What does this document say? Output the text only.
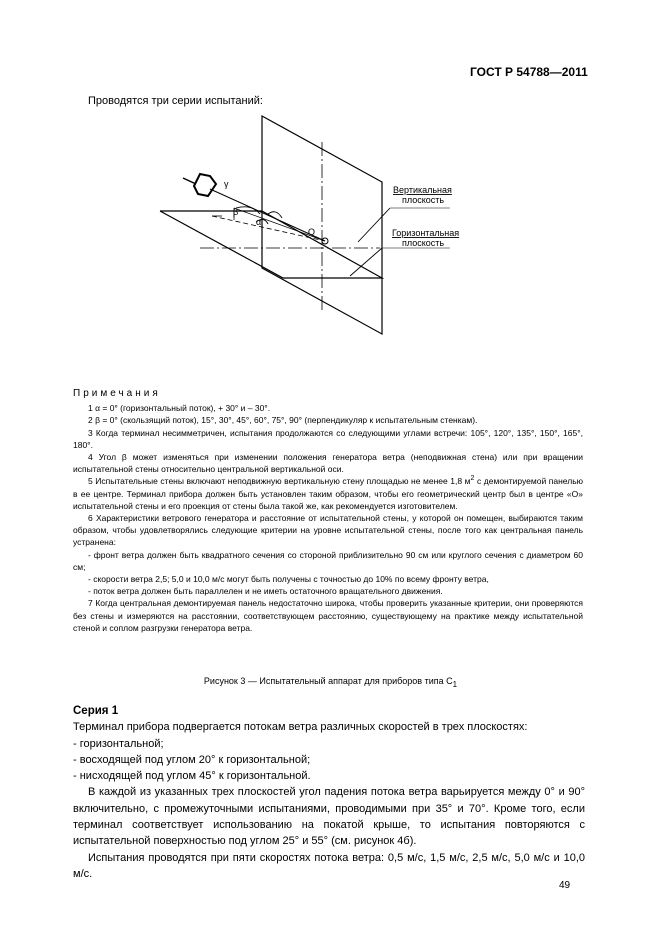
ГОСТ Р 54788—2011
Проводятся три серии испытаний:
γ
β
α
O
Вертикальная
плоскость
Горизонтальная
плоскость
Примечания

1 α = 0° (горизонтальный поток), + 30° и – 30°.

2 β = 0° (скользящий поток), 15°, 30°, 45°, 60°, 75°, 90° (перпендикуляр к испытательным стенкам).

3 Когда терминал несимметричен, испытания продолжаются со следующими углами встречи: 105°, 120°, 135°, 150°, 165°, 180°.

4 Угол β может изменяться при изменении положения генератора ветра (неподвижная стена) или при вращении испытательной стены относительно центральной вертикальной оси.

5 Испытательные стены включают неподвижную вертикальную стену площадью не менее 1,8 $м^2$ с демонтируемой панелью в ее центре. Терминал прибора должен быть установлен таким образом, чтобы его геометрический центр был в центре «О» испытательной стены и его проекция от стены была такой же, как рекомендуется изготовителем.

6 Характеристики ветрового генератора и расстояние от испытательной стены, у которой он помещен, выбираются таким образом, чтобы удовлетворялись следующие критерии на уровне испытательной стены, после того как центральная панель устранена:

- фронт ветра должен быть квадратного сечения со стороной приблизительно 90 см или круглого сечения с диаметром 60 см;

- скорости ветра 2,5; 5,0 и 10,0 м/с могут быть получены с точностью до 10% по всему фронту ветра,

- поток ветра должен быть параллелен и не иметь остаточного вращательного движения.

7 Когда центральная демонтируемая панель недостаточно широка, чтобы проверить указанные критерии, они проверяются без стены и измеряются на расстоянии, соответствующем расстоянию, существующему на практике между испытательной стеной и соплом разгрузки генератора ветра.

Рисунок 3 — Испытательный аппарат для приборов типа $С_1$
Серия 1

Терминал прибора подвергается потокам ветра различных скоростей в трех плоскостях:

- горизонтальной;

- восходящей под углом 20° к горизонтальной;

- нисходящей под углом 45° к горизонтальной.

В каждой из указанных трех плоскостей угол падения потока ветра варьируется между 0° и 90° включительно, с промежуточными испытаниями, проводимыми при 35° и 70°. Кроме того, если терминал соответствует использованию на покатой крыше, то испытания повторяются с испытательной поверхностью под углом 25° и 55° (см. рисунок 4б).

Испытания проводятся при пяти скоростях потока ветра: 0,5 м/с, 1,5 м/с, 2,5 м/с, 5,0 м/с и 10,0 м/с.

49
